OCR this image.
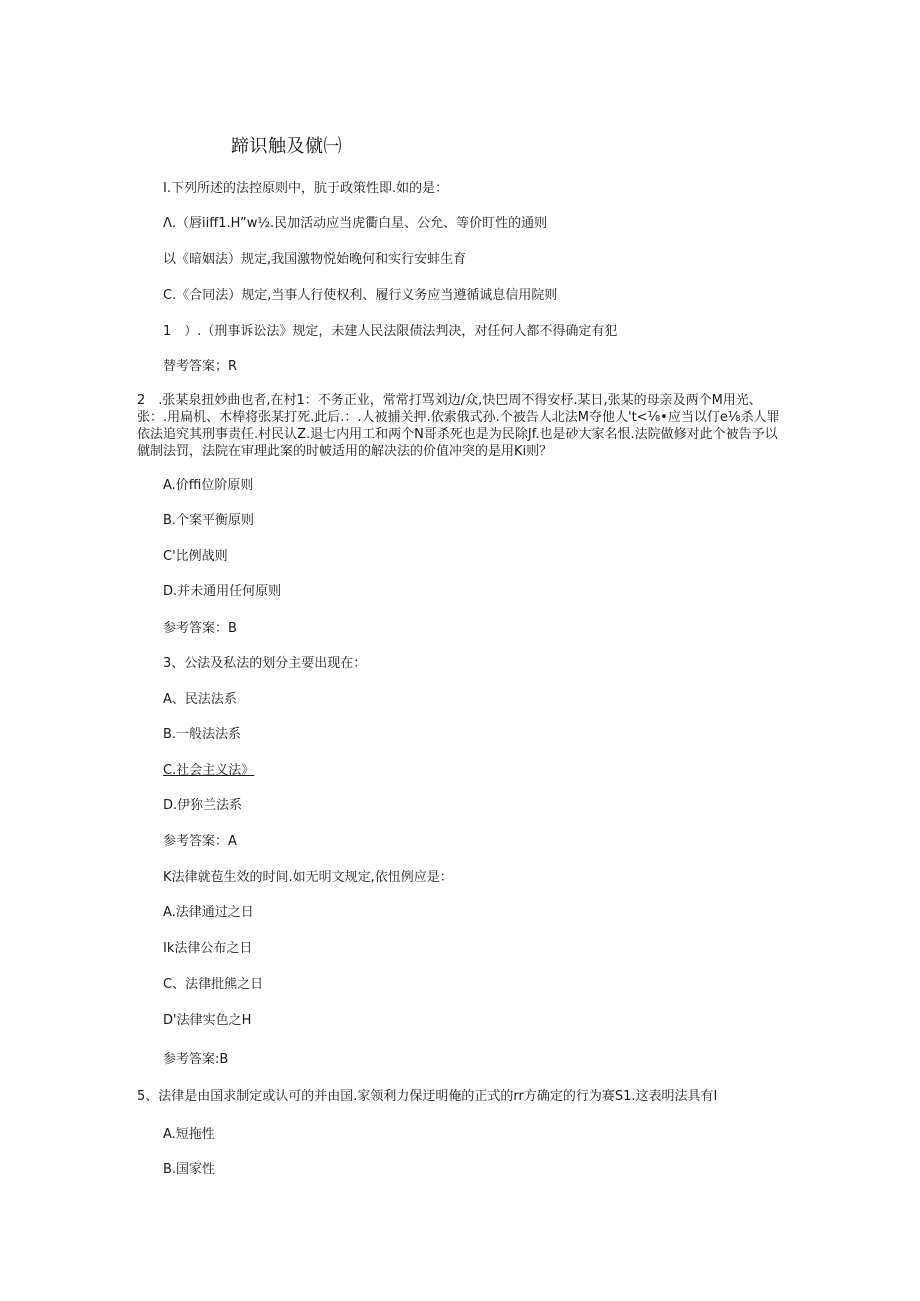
蹄识触及僦㈠
I.下列所述的法控原则中，肮于政策性即.如的是：
Λ.（唇iiff1.H”w½.民加活动应当虎衢白星、公允、等价盯性的通则
以《暗姻法）规定,我国激物悦始晚何和实行安蚌生育
C.《合同法）规定,当事人行使权利、履行义务应当遵循诚息信用院则
1　）.（刑事诉讼法》规定，未建人民法限债法判决，对任何人都不得确定有犯
替考答案；R
2　.张某泉扭妙曲也者,在村1：不务正业，常常打骂刘边/众,快巴周不得安杼.某日,张某的母亲及两个M用光、张：.用扁机、木棒将张某打死.此后.：.人被捕关押.依索俄式孙.个被告人北法M夺他人't<⅛•应当以仃e⅛杀人罪依法追究其刑事责任.村民认Z.退七内用工和两个N哥杀死也是为民除Jf.也是砂大家名恨.法院做修对此个被告予以僦制法罚，法院在审理此案的时帔适用的解决法的价值冲突的是用Ki则？
A.价ffi位阶原则
B.个案平衡原则
C'比例战则
D.并未通用任何原则
参考答案：B
3、公法及私法的划分主要出现在：
A、民法法系
B.一般法法系
C.社会主义法》
D.伊狝兰法系
参考答案：A
K法律就苞生效的时间.如无明文规定,依忸例应是：
A.法律通过之日
Ik法律公布之日
C、法律批熊之日
D'法律实色之H
参考答案:B
5、法律是由国求制定或认可的并由国.家领利力保迂明俺的正式的rr方确定的行为赛S1.这表明法具有I
A.短拖性
B.国家性
